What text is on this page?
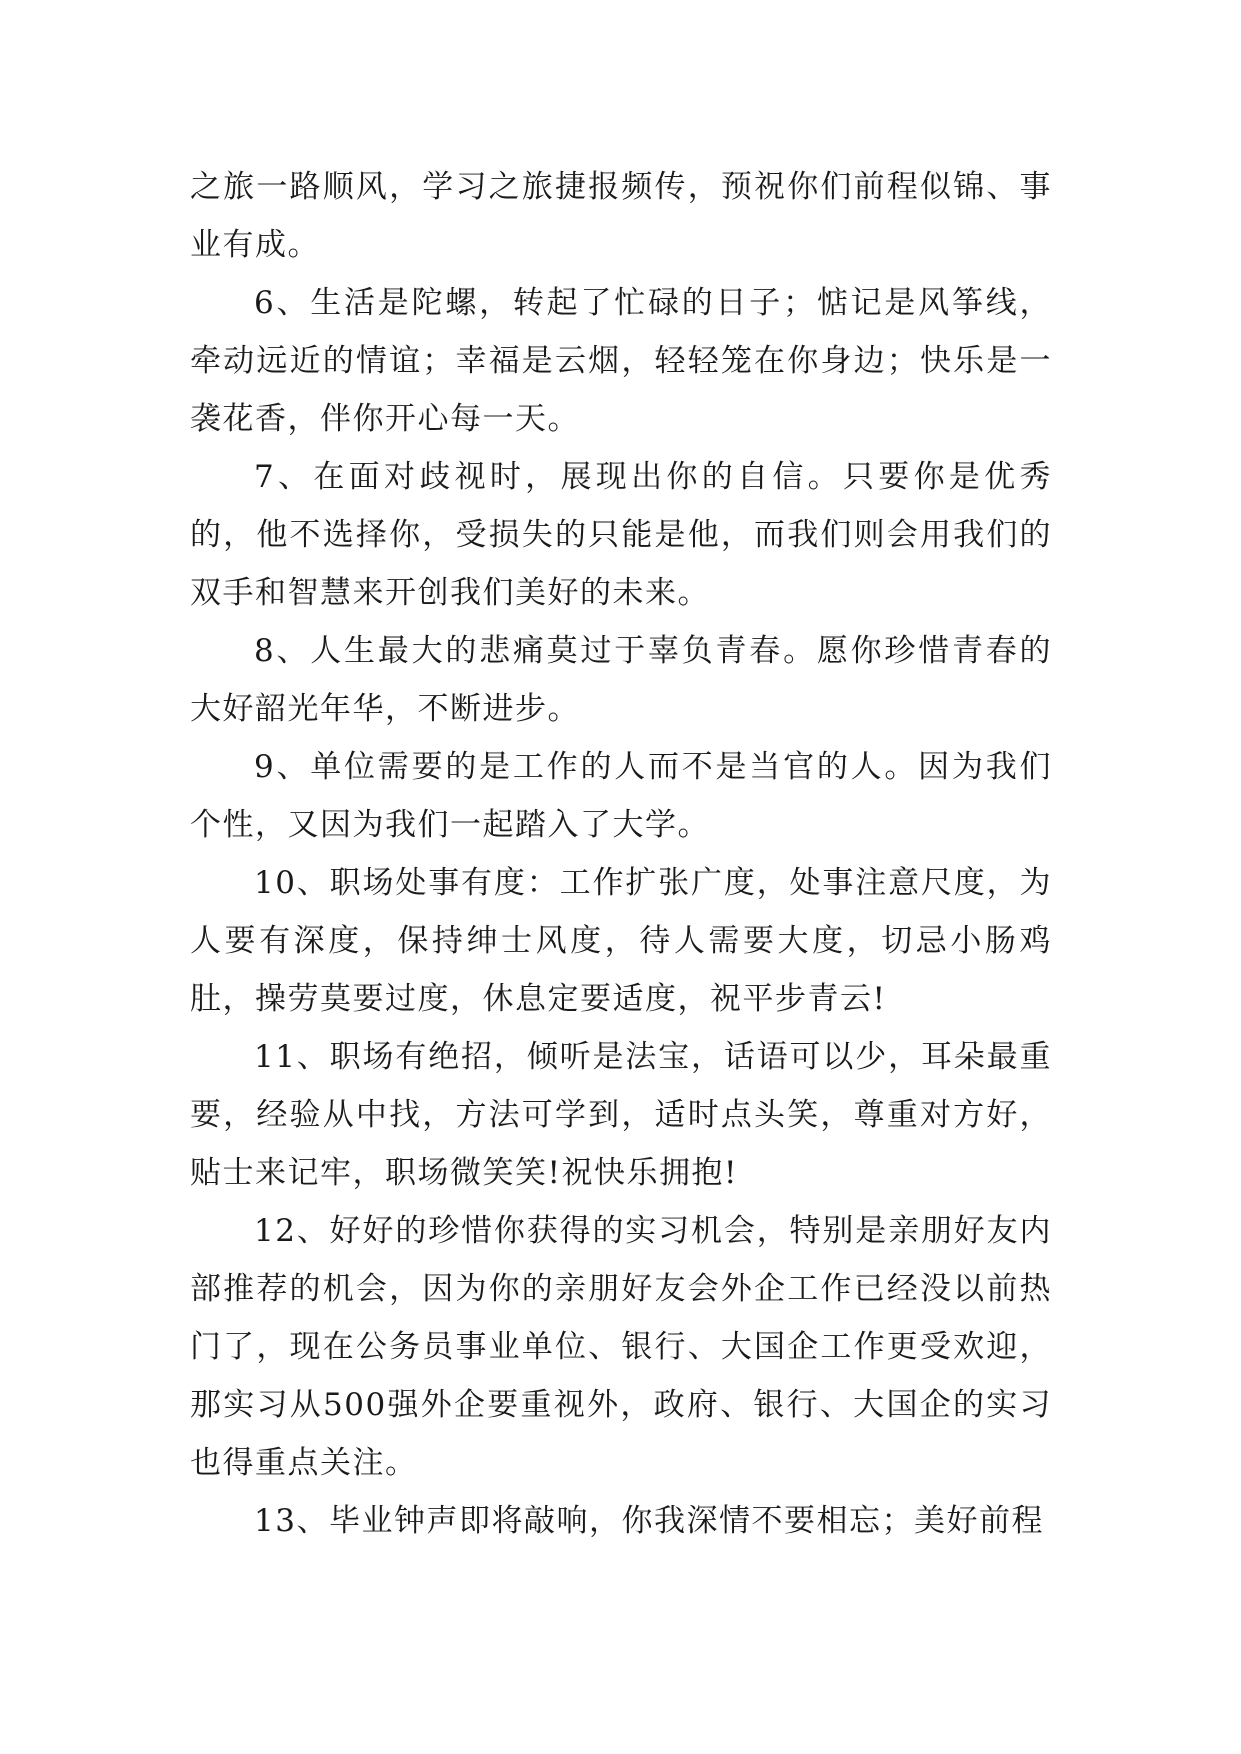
之旅一路顺风，学习之旅捷报频传，预祝你们前程似锦、事业有成。

6、生活是陀螺，转起了忙碌的日子；惦记是风筝线，牵动远近的情谊；幸福是云烟，轻轻笼在你身边；快乐是一袭花香，伴你开心每一天。

7、在面对歧视时，展现出你的自信。只要你是优秀的，他不选择你，受损失的只能是他，而我们则会用我们的双手和智慧来开创我们美好的未来。

8、人生最大的悲痛莫过于辜负青春。愿你珍惜青春的大好韶光年华，不断进步。

9、单位需要的是工作的人而不是当官的人。因为我们个性，又因为我们一起踏入了大学。

10、职场处事有度：工作扩张广度，处事注意尺度，为人要有深度，保持绅士风度，待人需要大度，切忌小肠鸡肚，操劳莫要过度，休息定要适度，祝平步青云!

11、职场有绝招，倾听是法宝，话语可以少，耳朵最重要，经验从中找，方法可学到，适时点头笑，尊重对方好，贴士来记牢，职场微笑笑!祝快乐拥抱!

12、好好的珍惜你获得的实习机会，特别是亲朋好友内部推荐的机会，因为你的亲朋好友会外企工作已经没以前热门了，现在公务员事业单位、银行、大国企工作更受欢迎，那实习从500强外企要重视外，政府、银行、大国企的实习也得重点关注。

13、毕业钟声即将敲响，你我深情不要相忘；美好前程
